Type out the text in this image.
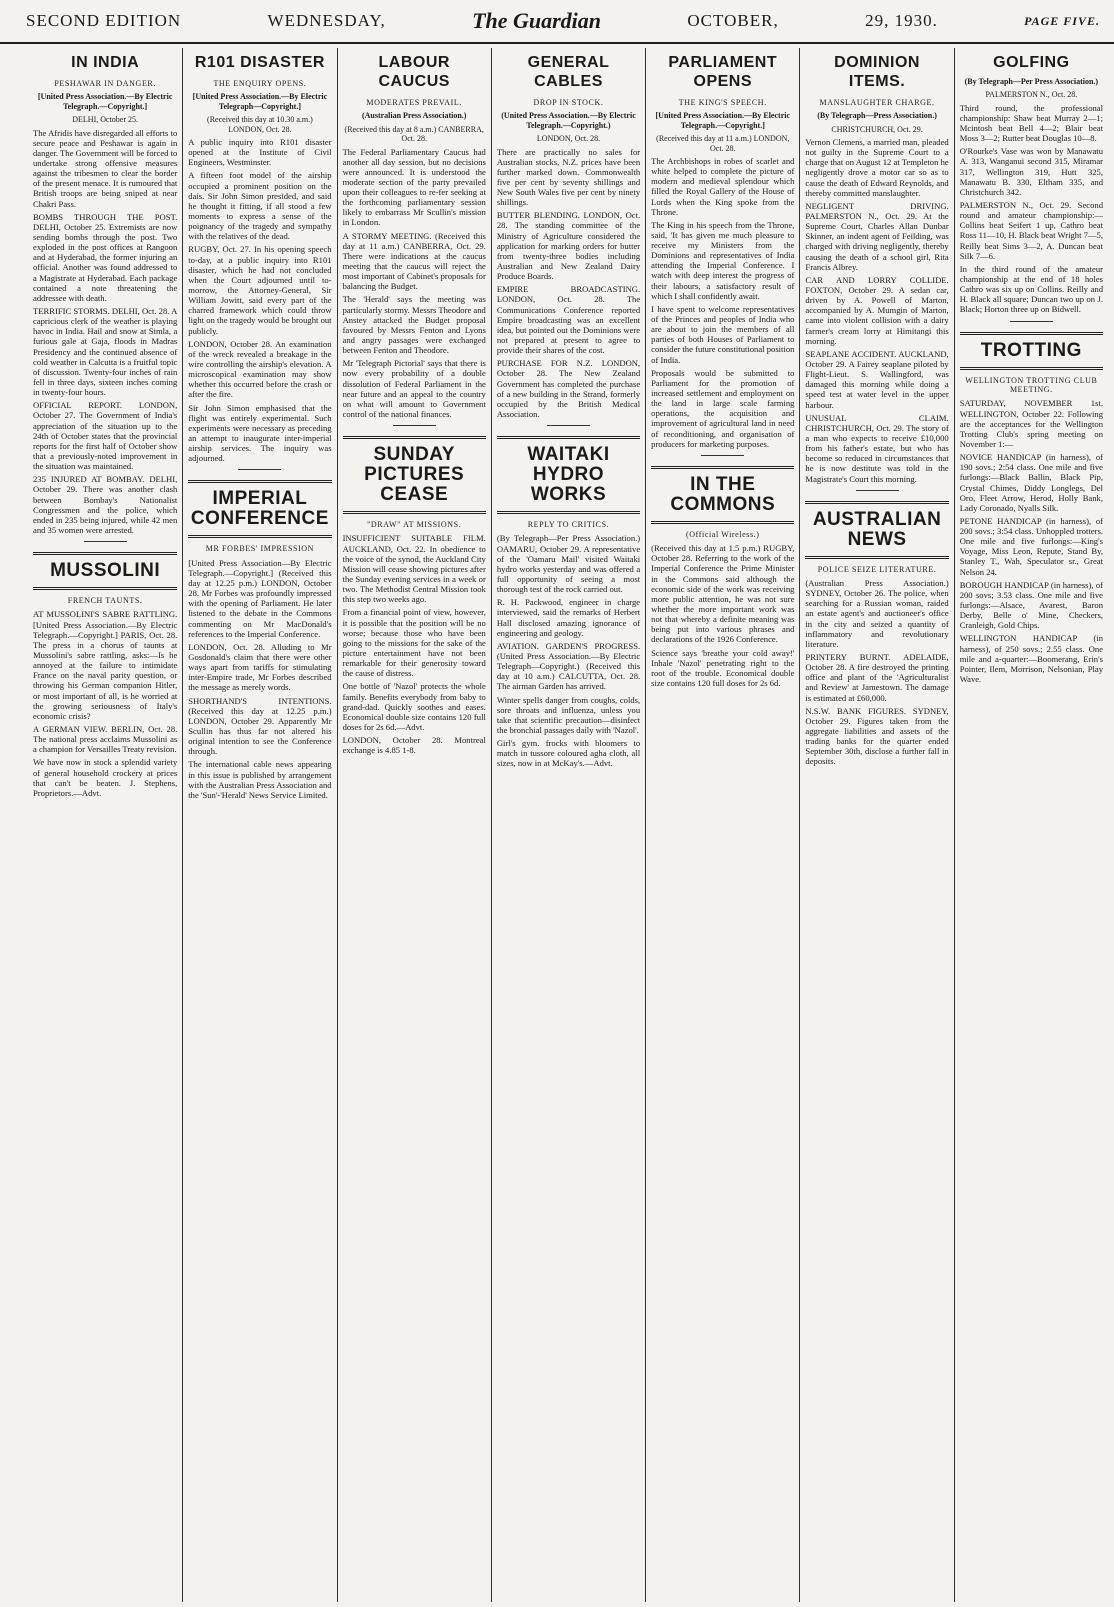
SECOND EDITION	WEDNESDAY,	The Guardian	OCTOBER,	29, 1930.	PAGE FIVE.
IN INDIA
PESHAWAR IN DANGER.
[United Press Association.—By Electric Telegraph.—Copyright.]
DELHI, October 25.
The Afridis have disregarded all efforts to secure peace and Peshawar is again in danger. The Government will be forced to undertake strong offensive measures against the tribesmen to clear the border of the present menace. It is rumoured that British troops are being sniped at near Chakri Pass.
BOMBS THROUGH THE POST. DELHI, October 25. Extremists are now sending bombs through the post. Two exploded in the post offices at Rangoon and at Hyderabad, the former injuring an official. Another was found addressed to a Magistrate at Hyderabad. Each package contained a note threatening the addressee with death.
TERRIFIC STORMS. DELHI, Oct. 28. A capricious clerk of the weather is playing havoc in India. Hail and snow at Simla, a furious gale at Gaja, floods in Madras Presidency and the continued absence of cold weather in Calcutta is a fruitful topic of discussion. Twenty-four inches of rain fell in three days, sixteen inches coming in twenty-four hours.
OFFICIAL REPORT. LONDON, October 27. The Government of India's appreciation of the situation up to the 24th of October states that the provincial reports for the first half of October show that a previously-noted improvement in the situation was maintained.
235 INJURED AT BOMBAY. DELHI, October 29. There was another clash between Bombay's Nationalist Congressmen and the police, which ended in 235 being injured, while 42 men and 35 women were arrested.
MUSSOLINI
FRENCH TAUNTS.
AT MUSSOLINI'S SABRE RATTLING. [United Press Association.—By Electric Telegraph.—Copyright.] PARIS, Oct. 28. The press in a chorus of taunts at Mussolini's sabre rattling, asks:—Is he annoyed at the failure to intimidate France on the naval parity question, or throwing his German companion Hitler, or most important of all, is he worried at the growing seriousness of Italy's economic crisis?
A GERMAN VIEW. BERLIN, Oct. 28. The national press acclaims Mussolini as a champion for Versailles Treaty revision.
We have now in stock a splendid variety of general household crockery at prices that can't be beaten. J. Stephens, Proprietors.—Advt.
R101 DISASTER
THE ENQUIRY OPENS.
[United Press Association.—By Electric Telegraph—Copyright.]
(Received this day at 10.30 a.m.) LONDON, Oct. 28.
A public inquiry into R101 disaster opened at the Institute of Civil Engineers, Westminster.
A fifteen foot model of the airship occupied a prominent position on the dais. Sir John Simon presided, and said he thought it fitting, if all stood a few moments to express a sense of the poignancy of the tragedy and sympathy with the relatives of the dead.
RUGBY, Oct. 27. In his opening speech to-day, at a public inquiry into R101 disaster, which he had not concluded when the Court adjourned until to-morrow, the Attorney-General, Sir William Jowitt, said every part of the charred framework which could throw light on the tragedy would be brought out publicly.
LONDON, October 28. An examination of the wreck revealed a breakage in the wire controlling the airship's elevation. A microscopical examination may show whether this occurred before the crash or after the fire.
Sir John Simon emphasised that the flight was entirely experimental. Such experiments were necessary as preceding an attempt to inaugurate inter-imperial airship services. The inquiry was adjourned.
IMPERIAL CONFERENCE
MR FORBES' IMPRESSION
[United Press Association—By Electric Telegraph.—Copyright.] (Received this day at 12.25 p.m.) LONDON, October 28. Mr Forbes was profoundly impressed with the opening of Parliament. He later listened to the debate in the Commons commenting on Mr MacDonald's references to the Imperial Conference.
LONDON, Oct. 28. Alluding to Mr Gosdonald's claim that there were other ways apart from tariffs for stimulating inter-Empire trade, Mr Forbes described the message as merely words.
SHORTHAND'S INTENTIONS. (Received this day at 12.25 p.m.) LONDON, October 29. Apparently Mr Scullin has thus far not altered his original intention to see the Conference through.
The international cable news appearing in this issue is published by arrangement with the Australian Press Association and the 'Sun'-'Herald' News Service Limited.
LABOUR CAUCUS
MODERATES PREVAIL.
(Australian Press Association.)
(Received this day at 8 a.m.) CANBERRA, Oct. 28.
The Federal Parliamentary Caucus had another all day session, but no decisions were announced. It is understood the moderate section of the party prevailed upon their colleagues to re-fer seeking at the forthcoming parliamentary session likely to embarrass Mr Scullin's mission in London.
A STORMY MEETING. (Received this day at 11 a.m.) CANBERRA, Oct. 29. There were indications at the caucus meeting that the caucus will reject the most important of Cabinet's proposals for balancing the Budget.
The 'Herald' says the meeting was particularly stormy. Messrs Theodore and Anstey attacked the Budget proposal favoured by Messrs Fenton and Lyons and angry passages were exchanged between Fenton and Theodore.
Mr 'Telegraph Pictorial' says that there is now every probability of a double dissolution of Federal Parliament in the near future and an appeal to the country on what will amount to Government control of the national finances.
SUNDAY PICTURES CEASE
"DRAW" AT MISSIONS.
INSUFFICIENT SUITABLE FILM. AUCKLAND, Oct. 22. In obedience to the voice of the synod, the Auckland City Mission will cease showing pictures after the Sunday evening services in a week or two. The Methodist Central Mission took this step two weeks ago.
From a financial point of view, however, it is possible that the position will be no worse; because those who have been going to the missions for the sake of the picture entertainment have not been remarkable for their generosity toward the cause of distress.
One bottle of 'Nazol' protects the whole family. Benefits everybody from baby to grand-dad. Quickly soothes and eases. Economical double size contains 120 full doses for 2s 6d.—Advt.
LONDON, October 28. Montreal exchange is 4.85 1-8.
GENERAL CABLES
DROP IN STOCK.
(United Press Association.—By Electric Telegraph.—Copyright.)
LONDON, Oct. 28.
There are practically no sales for Australian stocks, N.Z. prices have been further marked down. Commonwealth five per cent by seventy shillings and New South Wales five per cent by ninety shillings.
BUTTER BLENDING. LONDON, Oct. 28. The standing committee of the Ministry of Agriculture considered the application for marking orders for butter from twenty-three bodies including Australian and New Zealand Dairy Produce Boards.
EMPIRE BROADCASTING. LONDON, Oct. 28. The Communications Conference reported Empire broadcasting was an excellent idea, but pointed out the Dominions were not prepared at present to agree to provide their shares of the cost.
PURCHASE FOR N.Z. LONDON, October 28. The New Zealand Government has completed the purchase of a new building in the Strand, formerly occupied by the British Medical Association.
WAITAKI HYDRO WORKS
REPLY TO CRITICS.
(By Telegraph—Per Press Association.) OAMARU, October 29. A representative of the 'Oamaru Mail' visited Waitaki hydro works yesterday and was offered a full opportunity of seeing a most thorough test of the rock carried out.
R. H. Packwood, engineer in charge interviewed, said the remarks of Herbert Hall disclosed amazing ignorance of engineering and geology.
AVIATION. GARDEN'S PROGRESS. (United Press Association.—By Electric Telegraph—Copyright.) (Received this day at 10 a.m.) CALCUTTA, Oct. 28. The airman Garden has arrived.
Winter spells danger from coughs, colds, sore throats and influenza, unless you take that scientific precaution—disinfect the bronchial passages daily with 'Nazol'.
Girl's gym. frocks with bloomers to match in tussore coloured agha cloth, all sizes, now in at McKay's.—Advt.
PARLIAMENT OPENS
THE KING'S SPEECH.
[United Press Association.—By Electric Telegraph.—Copyright.]
(Received this day at 11 a.m.) LONDON, Oct. 28.
The Archbishops in robes of scarlet and white helped to complete the picture of modern and medieval splendour which filled the Royal Gallery of the House of Lords when the King spoke from the Throne.
The King in his speech from the Throne, said, 'It has given me much pleasure to receive my Ministers from the Dominions and representatives of India attending the Imperial Conference. I watch with deep interest the progress of their labours, a satisfactory result of which I shall confidently await.
I have spent to welcome representatives of the Princes and peoples of India who are about to join the members of all parties of both Houses of Parliament to consider the future constitutional position of India.
Proposals would be submitted to Parliament for the promotion of increased settlement and employment on the land in large scale farming operations, the acquisition and improvement of agricultural land in need of reconditioning, and organisation of producers for marketing purposes.
IN THE COMMONS
(Official Wireless.)
(Received this day at 1.5 p.m.) RUGBY, October 28. Referring to the work of the Imperial Conference the Prime Minister in the Commons said although the economic side of the work was receiving more public attention, he was not sure whether the more important work was not that whereby a definite meaning was being put into various phrases and declarations of the 1926 Conference.
Science says 'breathe your cold away!' Inhale 'Nazol' penetrating right to the root of the trouble. Economical double size contains 120 full doses for 2s 6d.
DOMINION ITEMS.
MANSLAUGHTER CHARGE.
(By Telegraph—Press Association.)
CHRISTCHURCH, Oct. 29.
Vernon Clemens, a married man, pleaded not guilty in the Supreme Court to a charge that on August 12 at Templeton he negligently drove a motor car so as to cause the death of Edward Reynolds, and thereby committed manslaughter.
NEGLIGENT DRIVING. PALMERSTON N., Oct. 29. At the Supreme Court, Charles Allan Dunbar Skinner, an indent agent of Feilding, was charged with driving negligently, thereby causing the death of a school girl, Rita Francis Albrey.
CAR AND LORRY COLLIDE. FOXTON, October 29. A sedan car, driven by A. Powell of Marton, accompanied by A. Mumgin of Marton, came into violent collision with a dairy farmer's cream lorry at Himitangi this morning.
SEAPLANE ACCIDENT. AUCKLAND, October 29. A Fairey seaplane piloted by Flight-Lieut. S. Wallingford, was damaged this morning while doing a speed test at water level in the upper harbour.
UNUSUAL CLAIM. CHRISTCHURCH, Oct. 29. The story of a man who expects to receive £10,000 from his father's estate, but who has become so reduced in circumstances that he is now destitute was told in the Magistrate's Court this morning.
AUSTRALIAN NEWS
POLICE SEIZE LITERATURE.
(Australian Press Association.) SYDNEY, October 26. The police, when searching for a Russian woman, raided an estate agent's and auctioneer's office in the city and seized a quantity of inflammatory and revolutionary literature.
PRINTERY BURNT. ADELAIDE, October 28. A fire destroyed the printing office and plant of the 'Agriculturalist and Review' at Jamestown. The damage is estimated at £60,000.
N.S.W. BANK FIGURES. SYDNEY, October 29. Figures taken from the aggregate liabilities and assets of the trading banks for the quarter ended September 30th, disclose a further fall in deposits.
GOLFING
(By Telegraph—Per Press Association.)
PALMERSTON N., Oct. 28.
Third round, the professional championship: Shaw beat Murray 2—1; Mcintosh beat Bell 4—2; Blair beat Moss 3—2; Rutter beat Douglas 10—8.
O'Rourke's Vase was won by Manawatu A. 313, Wanganui second 315, Miramar 317, Wellington 319, Hutt 325, Manawatu B. 330, Eltham 335, and Christchurch 342.
PALMERSTON N., Oct. 29. Second round and amateur championship:—Collins beat Seifert 1 up, Cathro beat Ross 11—10, H. Black beat Wright 7—5, Reilly beat Sims 3—2, A. Duncan beat Silk 7—6.
In the third round of the amateur championship at the end of 18 holes Cathro was six up on Collins. Reilly and H. Black all square; Duncan two up on J. Black; Horton three up on Bidwell.
TROTTING
WELLINGTON TROTTING CLUB MEETING.
SATURDAY, NOVEMBER 1st. WELLINGTON, October 22. Following are the acceptances for the Wellington Trotting Club's spring meeting on November 1:—
NOVICE HANDICAP (in harness), of 190 sovs.; 2:54 class. One mile and five furlongs:—Black Ballin, Black Pip, Crystal Chimes, Diddy Longlegs, Del Oro, Fleet Arrow, Herod, Holly Bank, Lady Coronado, Nyalls Silk.
PETONE HANDICAP (in harness), of 200 sovs.; 3:54 class. Unhoppled trotters. One mile and five furlongs:—King's Voyage, Miss Leon, Repute, Stand By, Stanley T., Wah, Speculator sr., Great Nelson 24.
BOROUGH HANDICAP (in harness), of 200 sovs; 3.53 class. One mile and five furlongs:—Alsace, Avarest, Baron Derby, Belle o' Mine, Checkers, Cranleigh, Gold Chips.
WELLINGTON HANDICAP (in harness), of 250 sovs.; 2.55 class. One mile and a-quarter:—Boomerang, Erin's Pointer, Ilem, Morrison, Nelsonian, Play Wave.
